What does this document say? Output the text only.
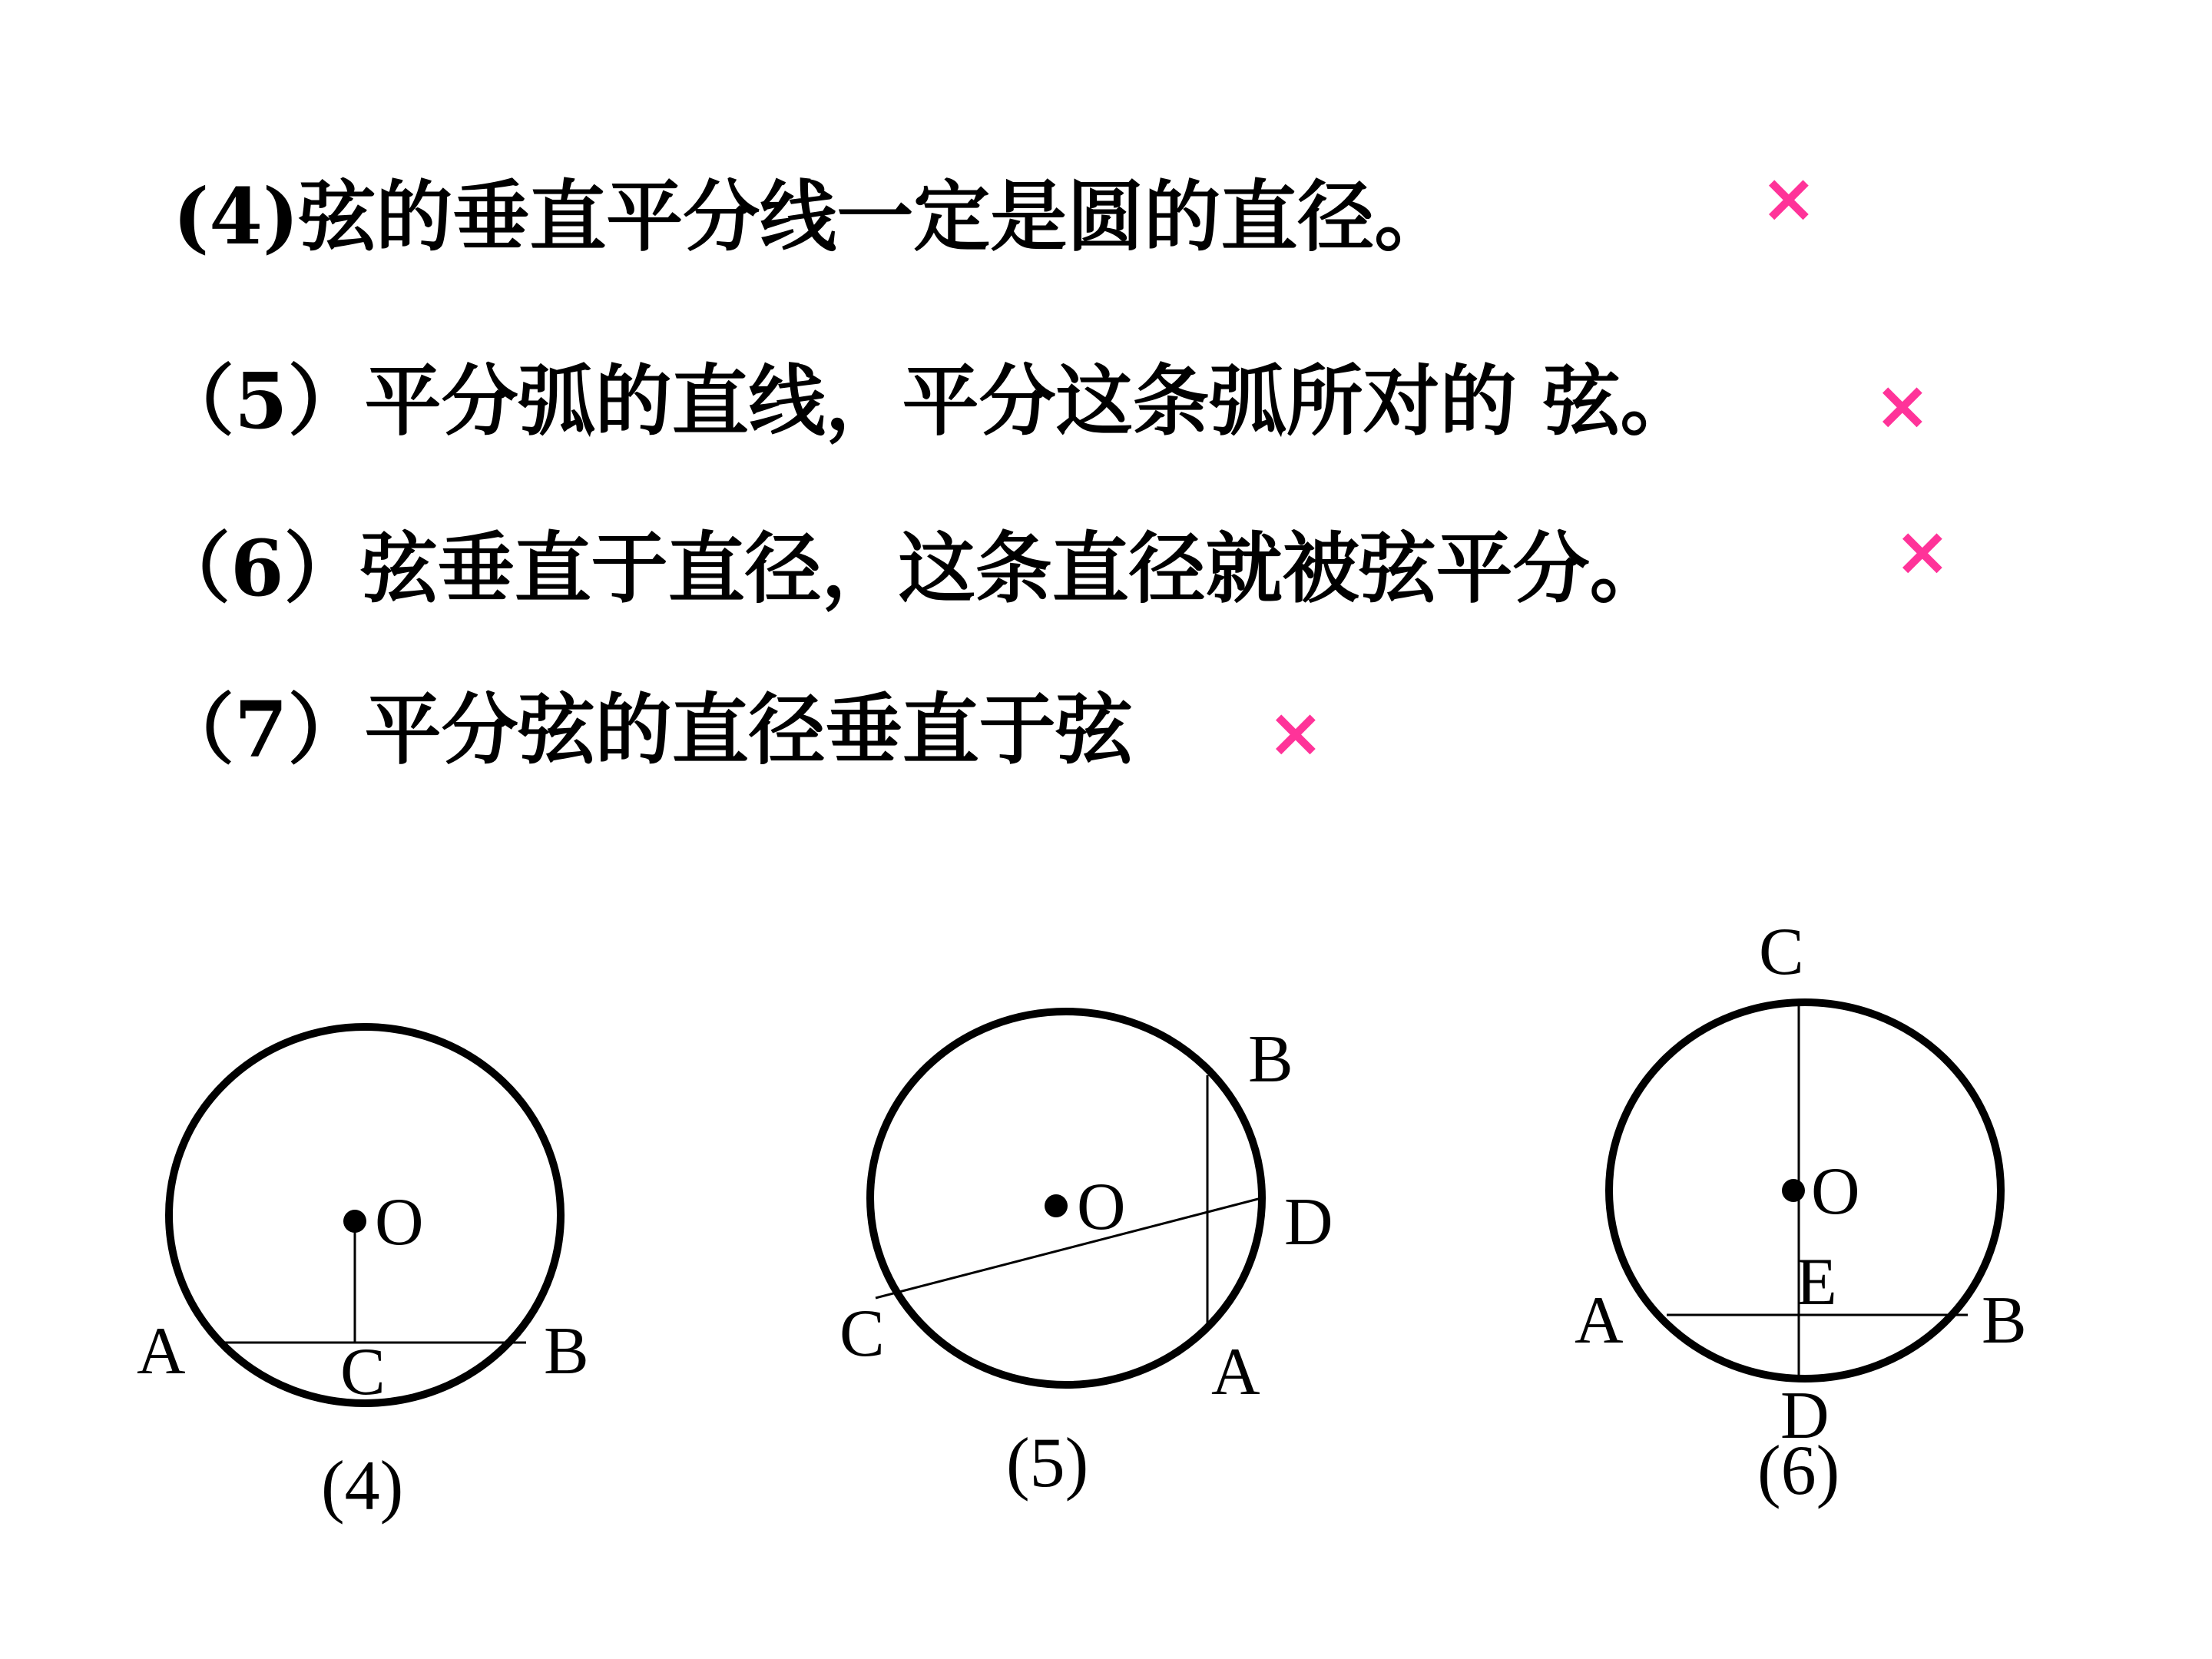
(4)弦的垂直平分线一定是圆的直径。	×
（5）平分弧的直线，平分这条弧所对的 弦。	×
（6）弦垂直于直径，这条直径就被弦平分。	×
（7）平分弦的直径垂直于弦 ×
O
A	B
C
(4)
O
B
D
C
A
(5)
C
O
E
A	B
D
(6)
